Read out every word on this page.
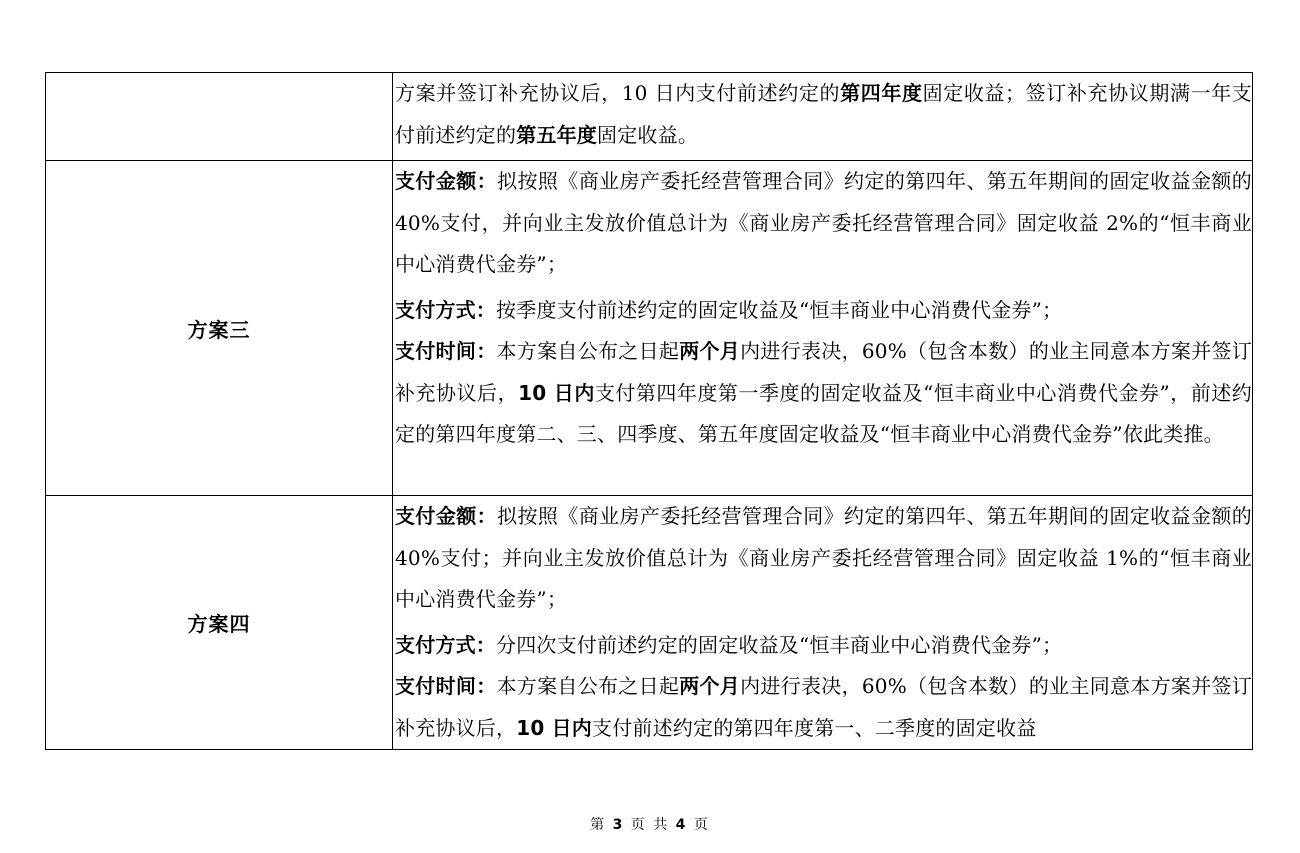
	方案并签订补充协议后，10 日内支付前述约定的第四年度固定收益；签订补充协议期满一年支付前述约定的第五年度固定收益。

方案三	支付金额：拟按照《商业房产委托经营管理合同》约定的第四年、第五年期间的固定收益金额的 40%支付，并向业主发放价值总计为《商业房产委托经营管理合同》固定收益 2%的“恒丰商业中心消费代金券”；

支付方式：按季度支付前述约定的固定收益及“恒丰商业中心消费代金券”；

支付时间：本方案自公布之日起两个月内进行表决，60%（包含本数）的业主同意本方案并签订补充协议后，10 日内支付第四年度第一季度的固定收益及“恒丰商业中心消费代金券”，前述约定的第四年度第二、三、四季度、第五年度固定收益及“恒丰商业中心消费代金券”依此类推。

方案四	支付金额：拟按照《商业房产委托经营管理合同》约定的第四年、第五年期间的固定收益金额的 40%支付；并向业主发放价值总计为《商业房产委托经营管理合同》固定收益 1%的“恒丰商业中心消费代金券”；

支付方式：分四次支付前述约定的固定收益及“恒丰商业中心消费代金券”；

支付时间：本方案自公布之日起两个月内进行表决，60%（包含本数）的业主同意本方案并签订补充协议后，10 日内支付前述约定的第四年度第一、二季度的固定收益

第 3 页 共 4 页
